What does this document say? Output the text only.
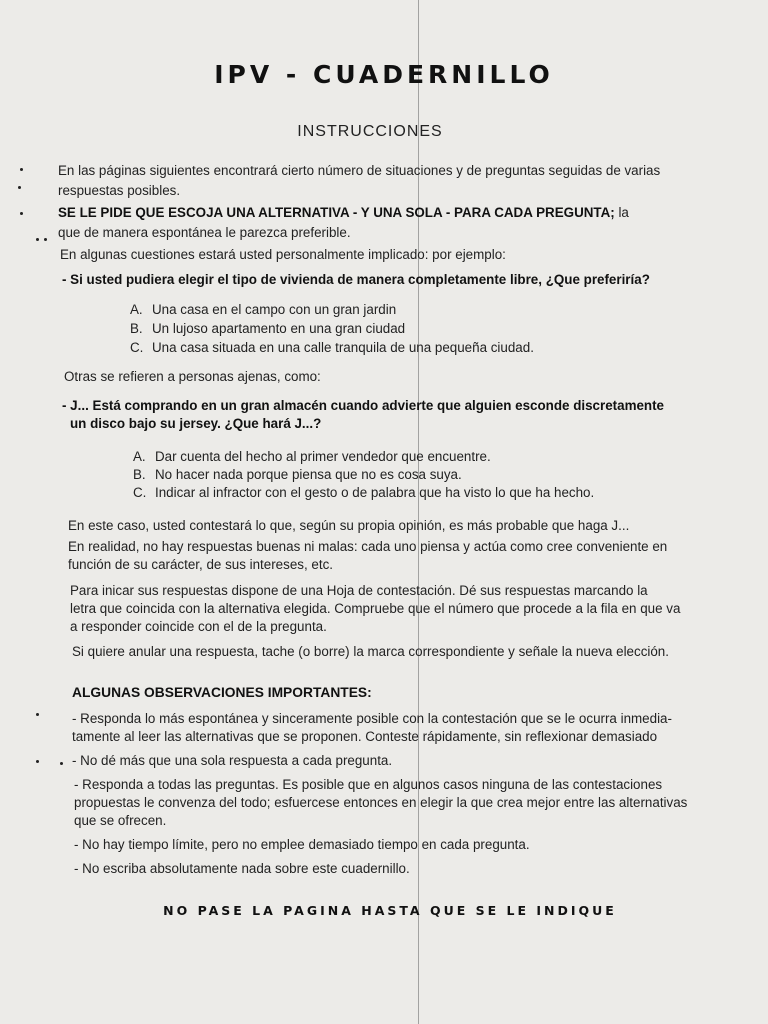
IPV - CUADERNILLO
INSTRUCCIONES
En las páginas siguientes encontrará cierto número de situaciones y de preguntas seguidas de varias
respuestas posibles.
SE LE PIDE QUE ESCOJA UNA ALTERNATIVA - Y UNA SOLA - PARA CADA PREGUNTA; la
que de manera espontánea le parezca preferible.
En algunas cuestiones estará usted personalmente implicado: por ejemplo:
- Si usted pudiera elegir el tipo de vivienda de manera completamente libre, ¿Que preferiría?
A. Una casa en el campo con un gran jardin
B. Un lujoso apartamento en una gran ciudad
C. Una casa situada en una calle tranquila de una pequeña ciudad.
Otras se refieren a personas ajenas, como:
- J... Está comprando en un gran almacén cuando advierte que alguien esconde discretamente
un disco bajo su jersey. ¿Que hará J...?
A. Dar cuenta del hecho al primer vendedor que encuentre.
B. No hacer nada porque piensa que no es cosa suya.
C. Indicar al infractor con el gesto o de palabra que ha visto lo que ha hecho.
En este caso, usted contestará lo que, según su propia opinión, es más probable que haga J...
En realidad, no hay respuestas buenas ni malas: cada uno piensa y actúa como cree conveniente en
función de su carácter, de sus intereses, etc.
Para inicar sus respuestas dispone de una Hoja de contestación. Dé sus respuestas marcando la
letra que coincida con la alternativa elegida. Compruebe que el número que procede a la fila en que va
a responder coincide con el de la pregunta.
Si quiere anular una respuesta, tache (o borre) la marca correspondiente y señale la nueva elección.
ALGUNAS OBSERVACIONES IMPORTANTES:
- Responda lo más espontánea y sinceramente posible con la contestación que se le ocurra inmedia-
tamente al leer las alternativas que se proponen. Conteste rápidamente, sin reflexionar demasiado
- No dé más que una sola respuesta a cada pregunta.
- Responda a todas las preguntas. Es posible que en algunos casos ninguna de las contestaciones
propuestas le convenza del todo; esfuercese entonces en elegir la que crea mejor entre las alternativas
que se ofrecen.
- No hay tiempo límite, pero no emplee demasiado tiempo en cada pregunta.
- No escriba absolutamente nada sobre este cuadernillo.
NO PASE LA PAGINA HASTA QUE SE LE INDIQUE
